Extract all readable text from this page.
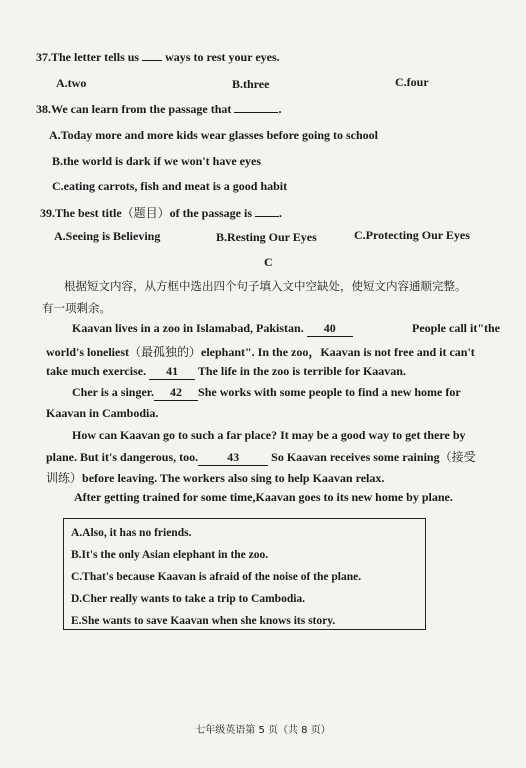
37.The letter tells us ways to rest your eyes.
A.two	B.three	C.four
38.We can learn from the passage that	.
A.Today more and more kids wear glasses before going to school
B.the world is dark if we won't have eyes
C.eating carrots, fish and meat is a good habit
39.The best title（题目）of the passage is .
A.Seeing is Believing	B.Resting Our Eyes	C.Protecting Our Eyes
C
根据短文内容，从方框中选出四个句子填入文中空缺处，使短文内容通顺完整。
有一项剩余。
Kaavan lives in a zoo in Islamabad, Pakistan. 40	People call it"the
world's loneliest（最孤独的）elephant". In the zoo，Kaavan is not free and it can't
take much exercise. 41 The life in the zoo is terrible for Kaavan.
Cher is a singer. 42 She works with some people to find a new home for
Kaavan in Cambodia.
How can Kaavan go to such a far place? It may be a good way to get there by
plane. But it's dangerous, too. 43	So Kaavan receives some raining（接受
训练）before leaving. The workers also sing to help Kaavan relax.
After getting trained for some time,Kaavan goes to its new home by plane.
A.Also, it has no friends.
B.It's the only Asian elephant in the zoo.
C.That's because Kaavan is afraid of the noise of the plane.
D.Cher really wants to take a trip to Cambodia.
E.She wants to save Kaavan when she knows its story.
七年级英语第 5 页（共 8 页）
